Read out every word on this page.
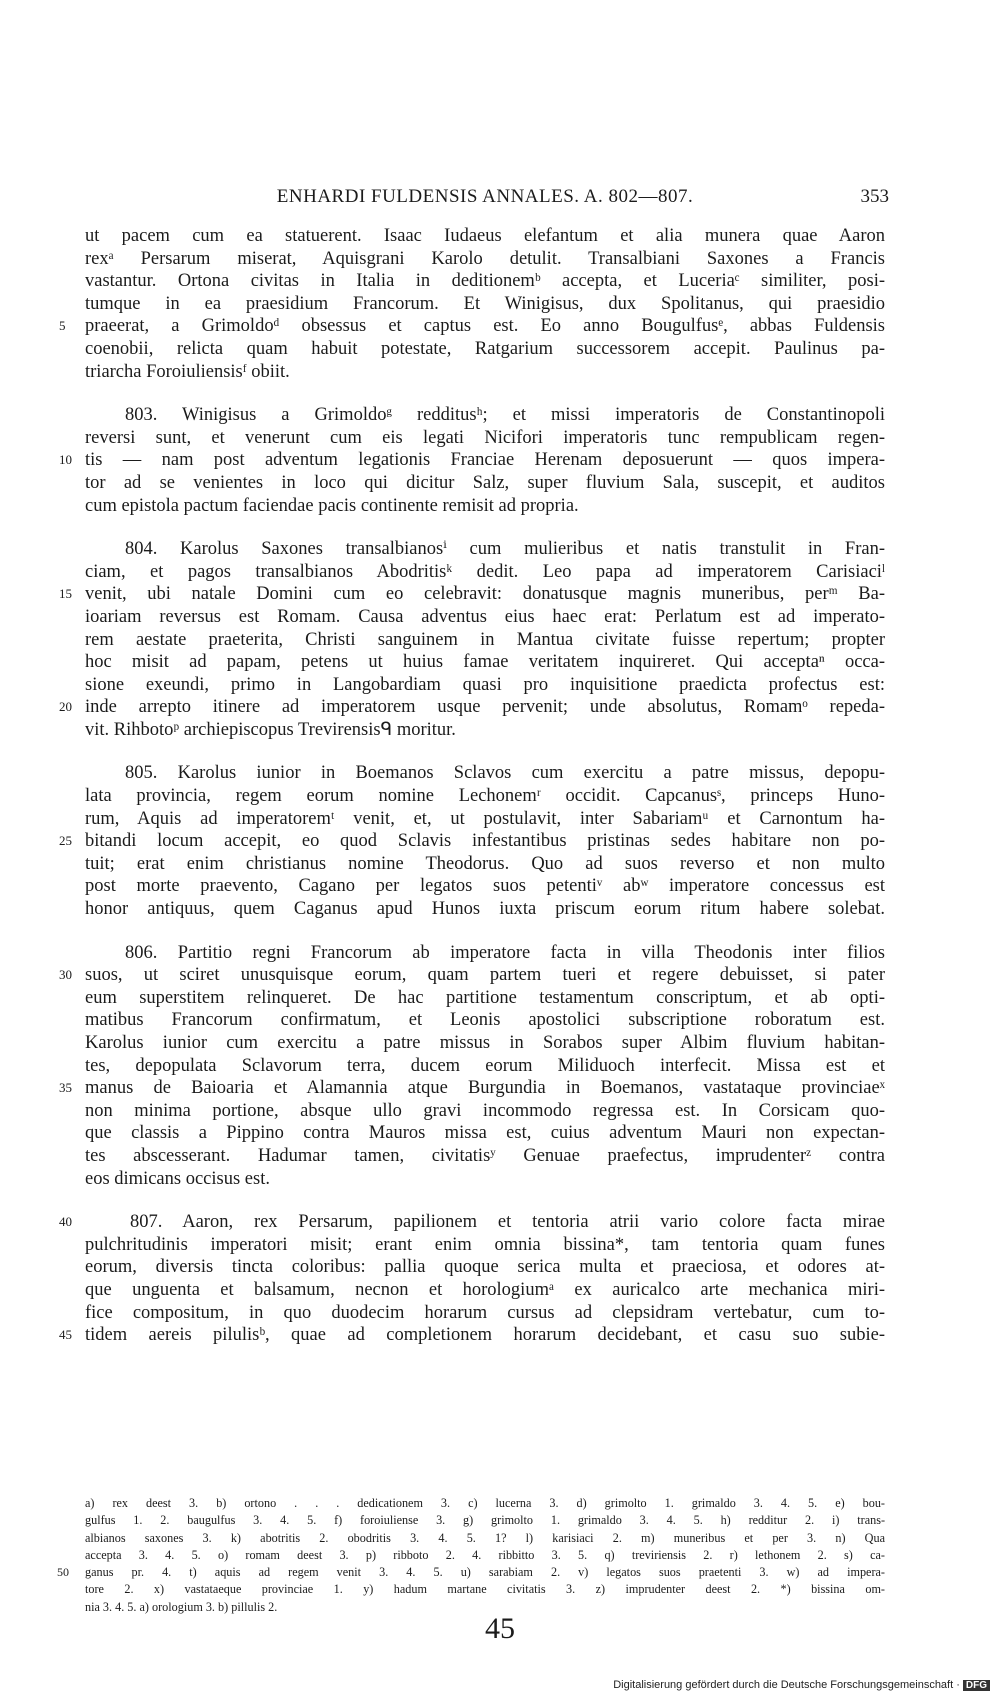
ENHARDI FULDENSIS ANNALES. A. 802—807.	353
ut pacem cum ea statuerent. Isaac Iudaeus elefantum et alia munera quae Aaron
rexᵃ Persarum miserat, Aquisgrani Karolo detulit. Transalbiani Saxones a Francis
vastantur. Ortona civitas in Italia in deditionemᵇ accepta, et Luceriaᶜ similiter, posi-
tumque in ea praesidium Francorum. Et Winigisus, dux Spolitanus, qui praesidio
5	praeerat, a Grimoldoᵈ obsessus et captus est. Eo anno Bougulfusᵉ, abbas Fuldensis
coenobii, relicta quam habuit potestate, Ratgarium successorem accepit. Paulinus pa-
triarcha Foroiuliensisᶠ obiit.
803. Winigisus a Grimoldoᵍ redditusʰ; et missi imperatoris de Constantinopoli
reversi sunt, et venerunt cum eis legati Nicifori imperatoris tunc rempublicam regen-
10 tis — nam post adventum legationis Franciae Herenam deposuerunt — quos impera-
tor ad se venientes in loco qui dicitur Salz, super fluvium Sala, suscepit, et auditos
cum epistola pactum faciendae pacis continente remisit ad propria.
804. Karolus Saxones transalbianosⁱ cum mulieribus et natis transtulit in Fran-
ciam, et pagos transalbianos Abodritisᵏ dedit. Leo papa ad imperatorem Carisiaciˡ
15 venit, ubi natale Domini cum eo celebravit: donatusque magnis muneribus, perᵐ Ba-
ioariam reversus est Romam. Causa adventus eius haec erat: Perlatum est ad imperato-
rem aestate praeterita, Christi sanguinem in Mantua civitate fuisse repertum; propter
hoc misit ad papam, petens ut huius famae veritatem inquireret. Qui acceptaⁿ occa-
sione exeundi, primo in Langobardiam quasi pro inquisitione praedicta profectus est:
20 inde arrepto itinere ad imperatorem usque pervenit; unde absolutus, Romamᵒ repeda-
vit. Rihbotoᵖ archiepiscopus Trevirensisᑫ moritur.
805. Karolus iunior in Boemanos Sclavos cum exercitu a patre missus, depopu-
lata provincia, regem eorum nomine Lechonemʳ occidit. Capcanusˢ, princeps Huno-
rum, Aquis ad imperatoremᵗ venit, et, ut postulavit, inter Sabariamᵘ et Carnontum ha-
25 bitandi locum accepit, eo quod Sclavis infestantibus pristinas sedes habitare non po-
tuit; erat enim christianus nomine Theodorus. Quo ad suos reverso et non multo
post morte praevento, Cagano per legatos suos petentiᵛ abʷ imperatore concessus est
honor antiquus, quem Caganus apud Hunos iuxta priscum eorum ritum habere solebat.
806. Partitio regni Francorum ab imperatore facta in villa Theodonis inter filios
30 suos, ut sciret unusquisque eorum, quam partem tueri et regere debuisset, si pater
eum superstitem relinqueret. De hac partitione testamentum conscriptum, et ab opti-
matibus Francorum confirmatum, et Leonis apostolici subscriptione roboratum est.
Karolus iunior cum exercitu a patre missus in Sorabos super Albim fluvium habitan-
tes, depopulata Sclavorum terra, ducem eorum Miliduoch interfecit. Missa est et
35 manus de Baioaria et Alamannia atque Burgundia in Boemanos, vastataque provinciaeˣ
non minima portione, absque ullo gravi incommodo regressa est. In Corsicam quo-
que classis a Pippino contra Mauros missa est, cuius adventum Mauri non expectan-
tes abscesserant. Hadumar tamen, civitatisʸ Genuae praefectus, imprudenterᶻ contra
eos dimicans occisus est.
40	807. Aaron, rex Persarum, papilionem et tentoria atrii vario colore facta mirae
pulchritudinis imperatori misit; erant enim omnia bissina*, tam tentoria quam funes
eorum, diversis tincta coloribus: pallia quoque serica multa et praeciosa, et odores at-
que unguenta et balsamum, necnon et horologiumᵃ ex auricalco arte mechanica miri-
fice compositum, in quo duodecim horarum cursus ad clepsidram vertebatur, cum to-
45 tidem aereis pilulisᵇ, quae ad completionem horarum decidebant, et casu suo subie-
a) rex deest 3. b) ortono . . . dedicationem 3. c) lucerna 3. d) grimolto 1. grimaldo 3. 4. 5. e) bou-
gulfus 1. 2. baugulfus 3. 4. 5. f) foroiuliense 3. g) grimolto 1. grimaldo 3. 4. 5. h) redditur 2. i) trans-
albianos saxones 3. k) abotritis 2. obodritis 3. 4. 5. 1? l) karisiaci 2. m) muneribus et per 3. n) Qua
accepta 3. 4. 5. o) romam deest 3. p) ribboto 2. 4. ribbitto 3. 5. q) treviriensis 2. r) lethonem 2. s) ca-
50	ganus pr. 4. t) aquis ad regem venit 3. 4. 5. u) sarabiam 2. v) legatos suos praetenti 3. w) ad impera-
tore 2. x) vastataeque provinciae 1. y) hadum martane civitatis 3. z) imprudenter deest 2. *) bissina om-
nia 3. 4. 5. a) orologium 3. b) pillulis 2.
45
Digitalisierung gefördert durch die Deutsche Forschungsgemeinschaft · DFG
